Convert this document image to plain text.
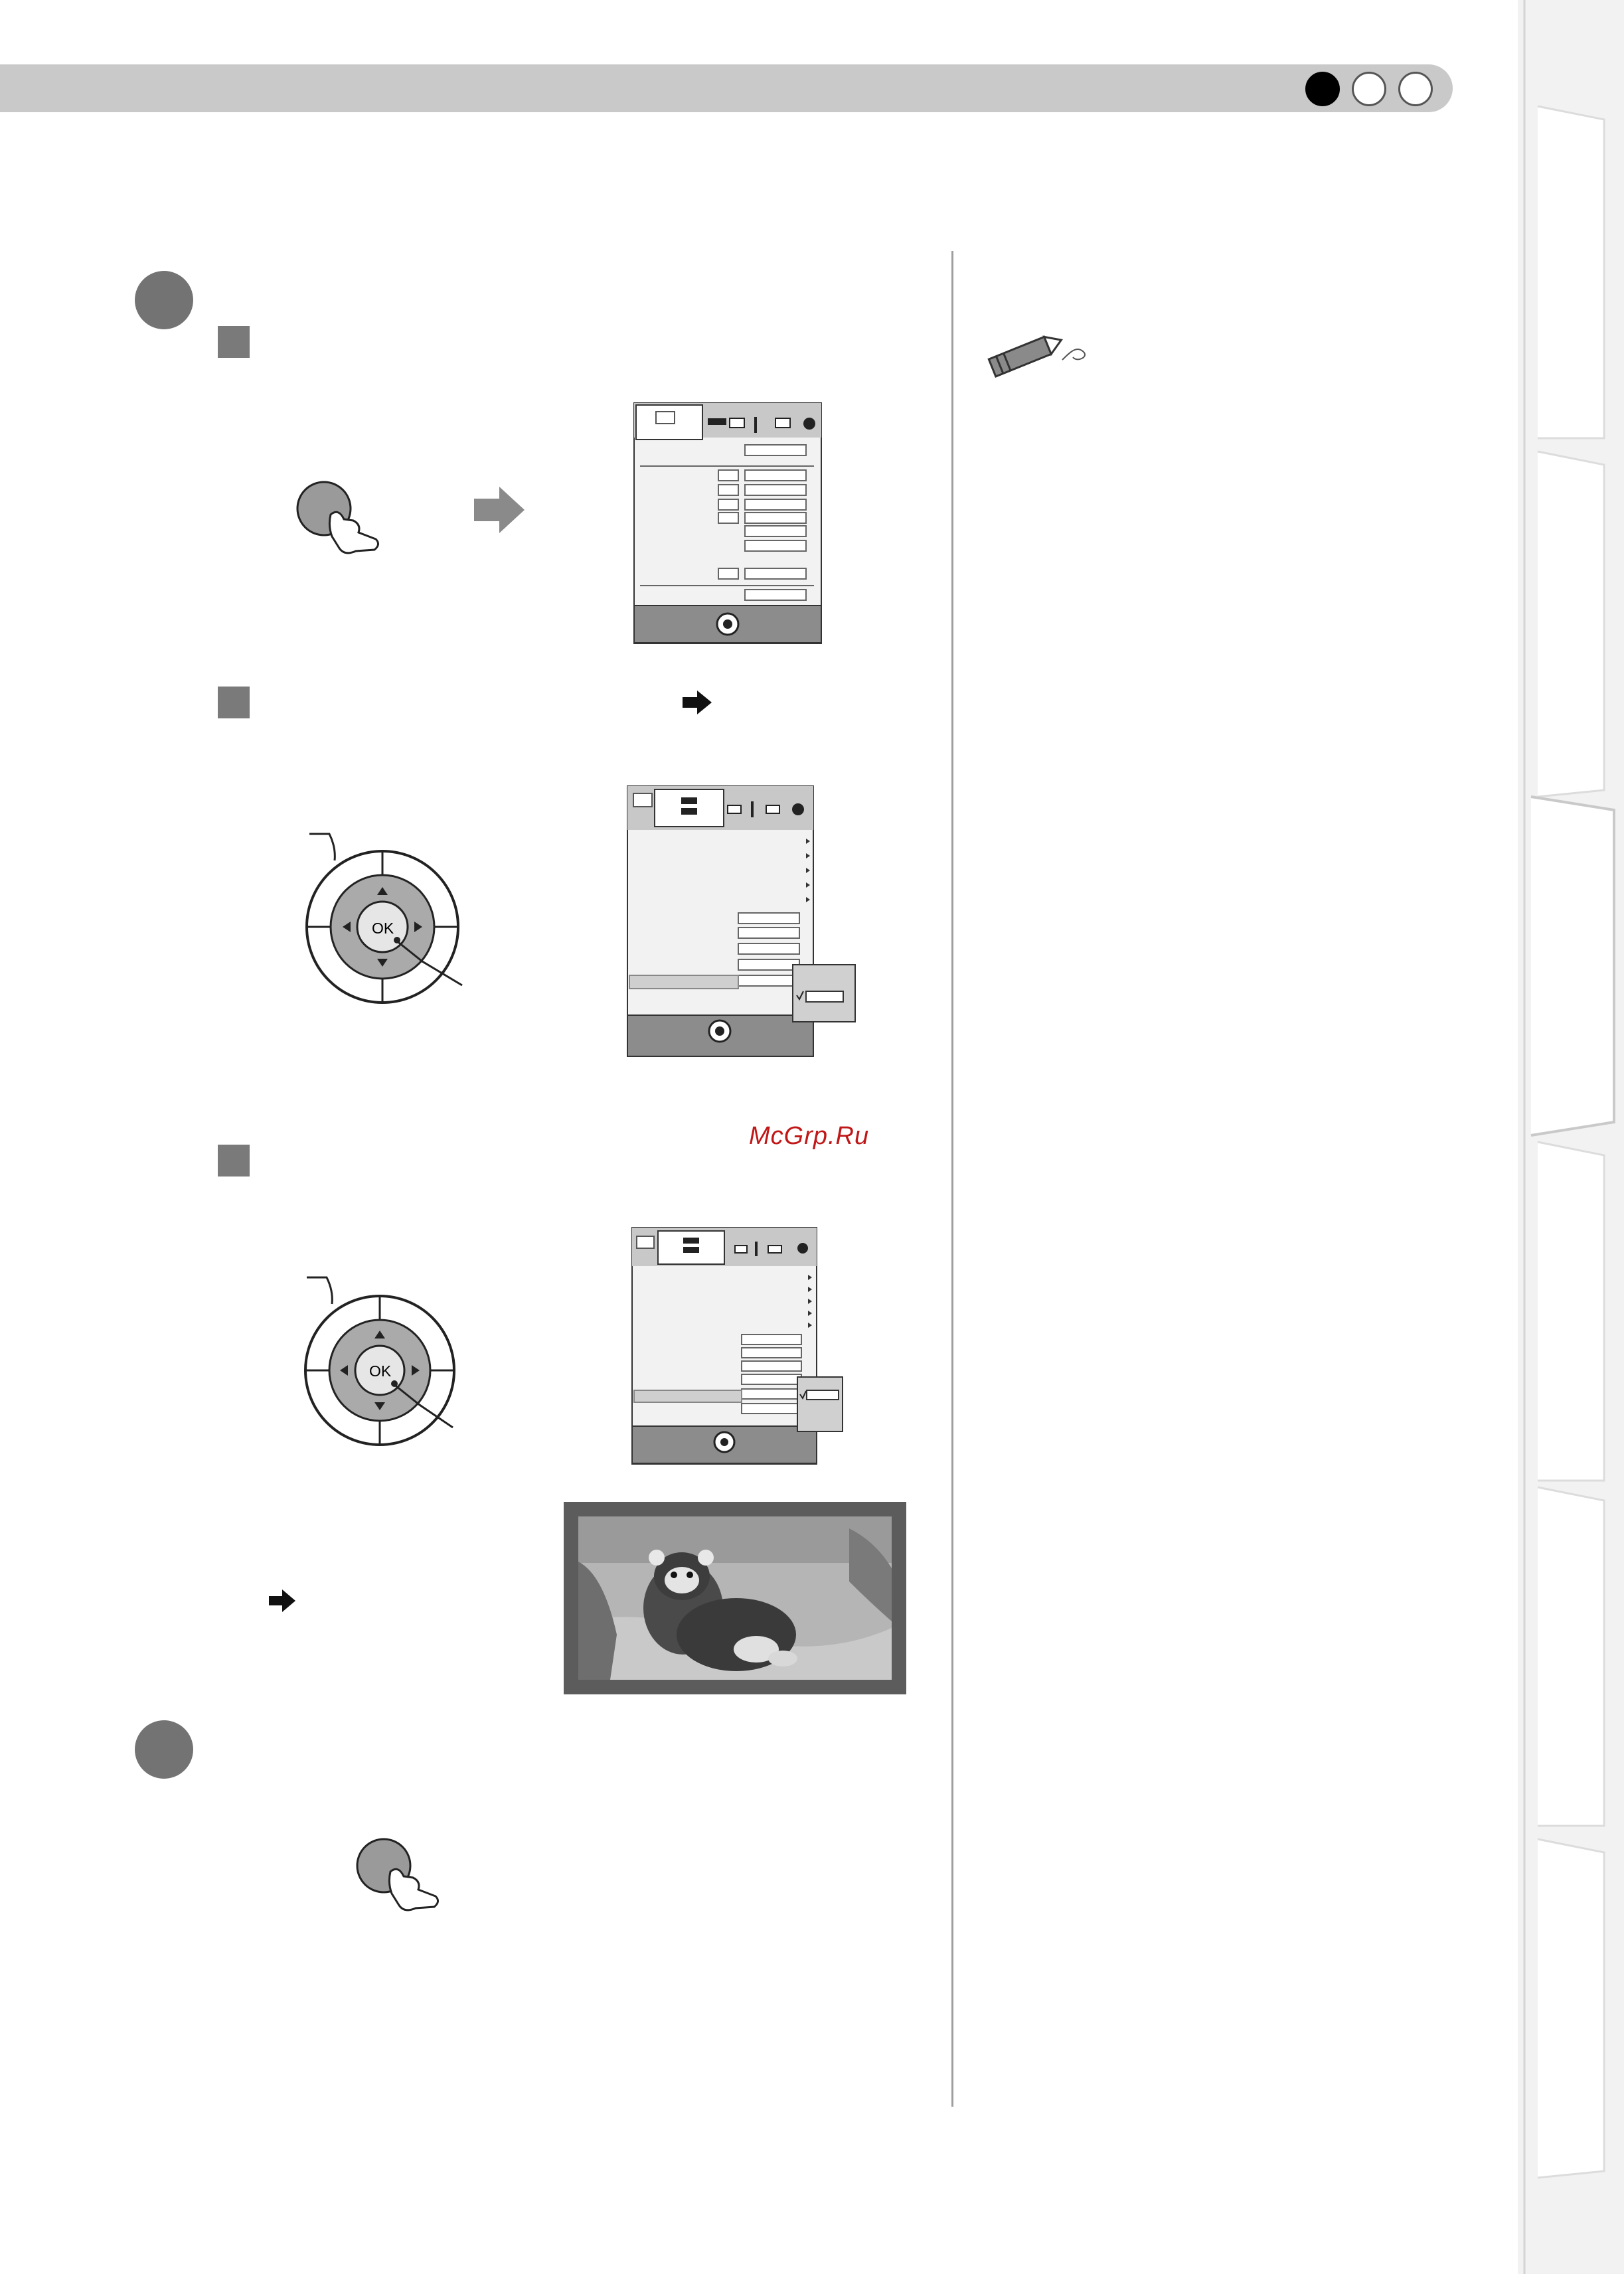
McGrp.Ru
OK
OK
